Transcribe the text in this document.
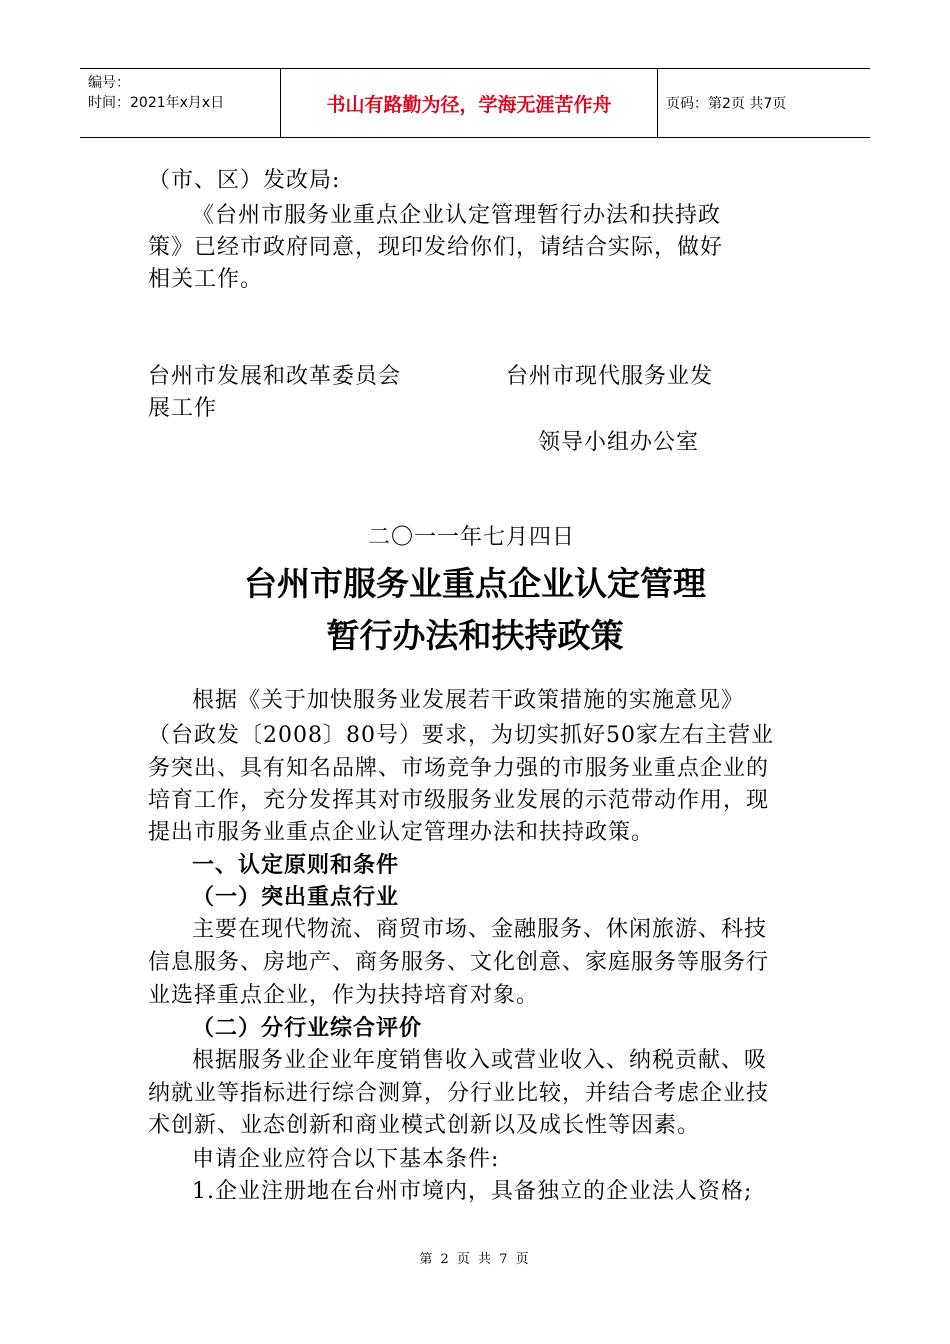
编号：
时间：2021年x月x日	书山有路勤为径，学海无涯苦作舟	页码：第2页 共7页
（市、区）发改局:
《台州市服务业重点企业认定管理暂行办法和扶持政
策》已经市政府同意，现印发给你们，请结合实际，做好
相关工作。
台州市发展和改革委员会	台州市现代服务业发
展工作
领导小组办公室
二〇一一年七月四日
台州市服务业重点企业认定管理
暂行办法和扶持政策
根据《关于加快服务业发展若干政策措施的实施意见》
（台政发〔2008〕80号）要求，为切实抓好50家左右主营业
务突出、具有知名品牌、市场竞争力强的市服务业重点企业的
培育工作，充分发挥其对市级服务业发展的示范带动作用，现
提出市服务业重点企业认定管理办法和扶持政策。
一、认定原则和条件
（一）突出重点行业
主要在现代物流、商贸市场、金融服务、休闲旅游、科技
信息服务、房地产、商务服务、文化创意、家庭服务等服务行
业选择重点企业，作为扶持培育对象。
（二）分行业综合评价
根据服务业企业年度销售收入或营业收入、纳税贡献、吸
纳就业等指标进行综合测算，分行业比较，并结合考虑企业技
术创新、业态创新和商业模式创新以及成长性等因素。
申请企业应符合以下基本条件:
1.企业注册地在台州市境内，具备独立的企业法人资格;
第 2 页 共 7 页
